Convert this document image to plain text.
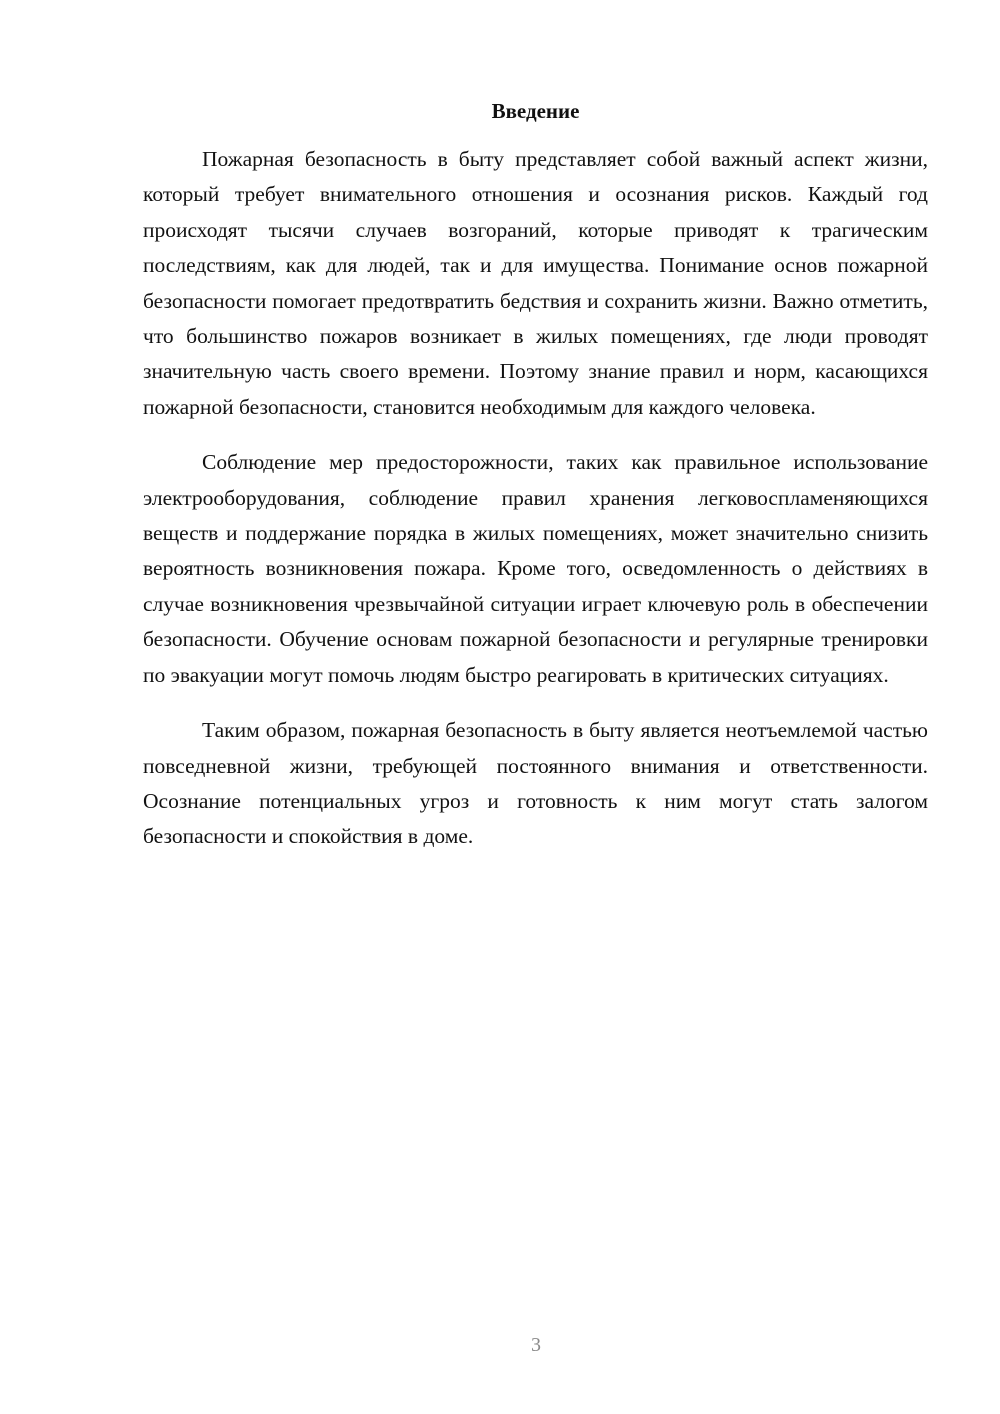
Введение

Пожарная безопасность в быту представляет собой важный аспект жизни, который требует внимательного отношения и осознания рисков. Каждый год происходят тысячи случаев возгораний, которые приводят к трагическим последствиям, как для людей, так и для имущества. Понимание основ пожарной безопасности помогает предотвратить бедствия и сохранить жизни. Важно отметить, что большинство пожаров возникает в жилых помещениях, где люди проводят значительную часть своего времени. Поэтому знание правил и норм, касающихся пожарной безопасности, становится необходимым для каждого человека.

Соблюдение мер предосторожности, таких как правильное использование электрооборудования, соблюдение правил хранения легковоспламеняющихся веществ и поддержание порядка в жилых помещениях, может значительно снизить вероятность возникновения пожара. Кроме того, осведомленность о действиях в случае возникновения чрезвычайной ситуации играет ключевую роль в обеспечении безопасности. Обучение основам пожарной безопасности и регулярные тренировки по эвакуации могут помочь людям быстро реагировать в критических ситуациях.

Таким образом, пожарная безопасность в быту является неотъемлемой частью повседневной жизни, требующей постоянного внимания и ответственности. Осознание потенциальных угроз и готовность к ним могут стать залогом безопасности и спокойствия в доме.

3
